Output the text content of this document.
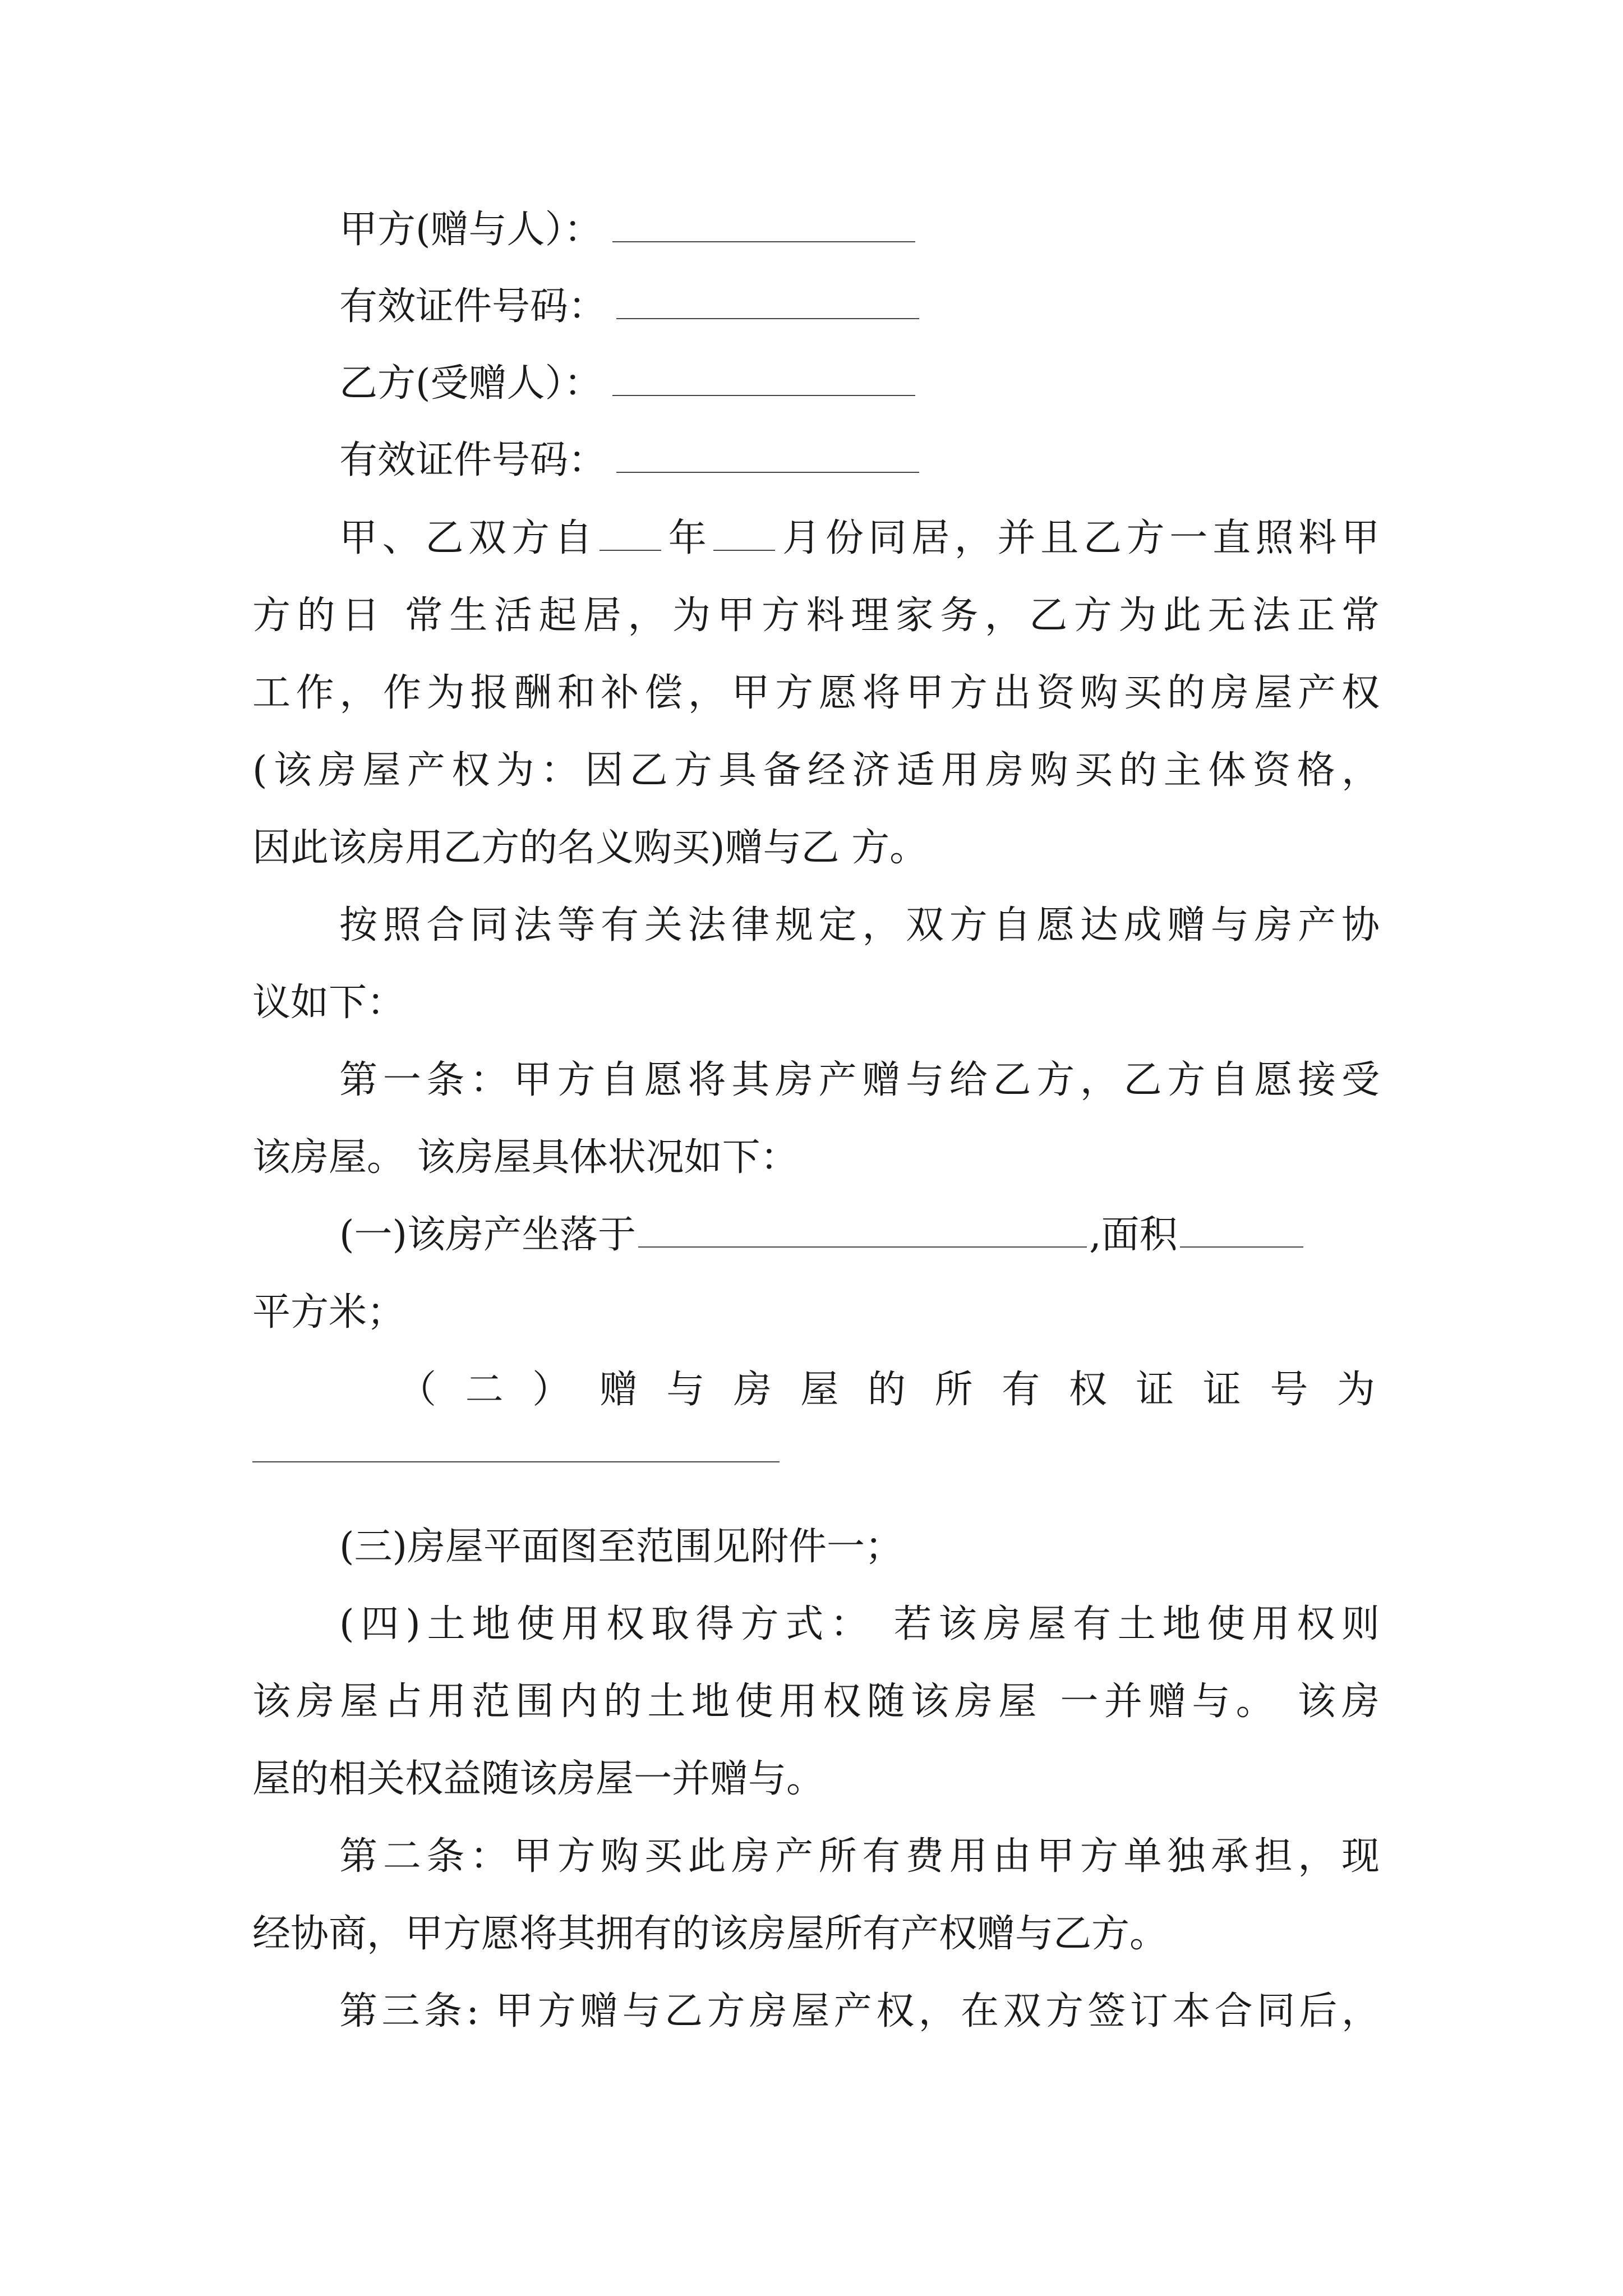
甲方(赠与人）：
有效证件号码：
乙方(受赠人）：
有效证件号码：
甲、乙双方自 年 月份同居，并且乙方一直照料甲
方的日 常生活起居，为甲方料理家务，乙方为此无法正常
工作，作为报酬和补偿，甲方愿将甲方出资购买的房屋产权
(该房屋产权为：因乙方具备经济适用房购买的主体资格，
因此该房用乙方的名义购买)赠与乙 方。
按照合同法等有关法律规定，双方自愿达成赠与房产协
议如下：
第一条：甲方自愿将其房产赠与给乙方，乙方自愿接受
该房屋。 该房屋具体状况如下：
(一)该房产坐落于	,面积
平方米；
（二）赠与房屋的所有权证证号为
(三)房屋平面图至范围见附件一；
(四)土地使用权取得方式： 若该房屋有土地使用权则
该房屋占用范围内的土地使用权随该房屋 一并赠与。 该房
屋的相关权益随该房屋一并赠与。
第二条：甲方购买此房产所有费用由甲方单独承担，现
经协商，甲方愿将其拥有的该房屋所有产权赠与乙方。
第三条: 甲方赠与乙方房屋产权，在双方签订本合同后，
